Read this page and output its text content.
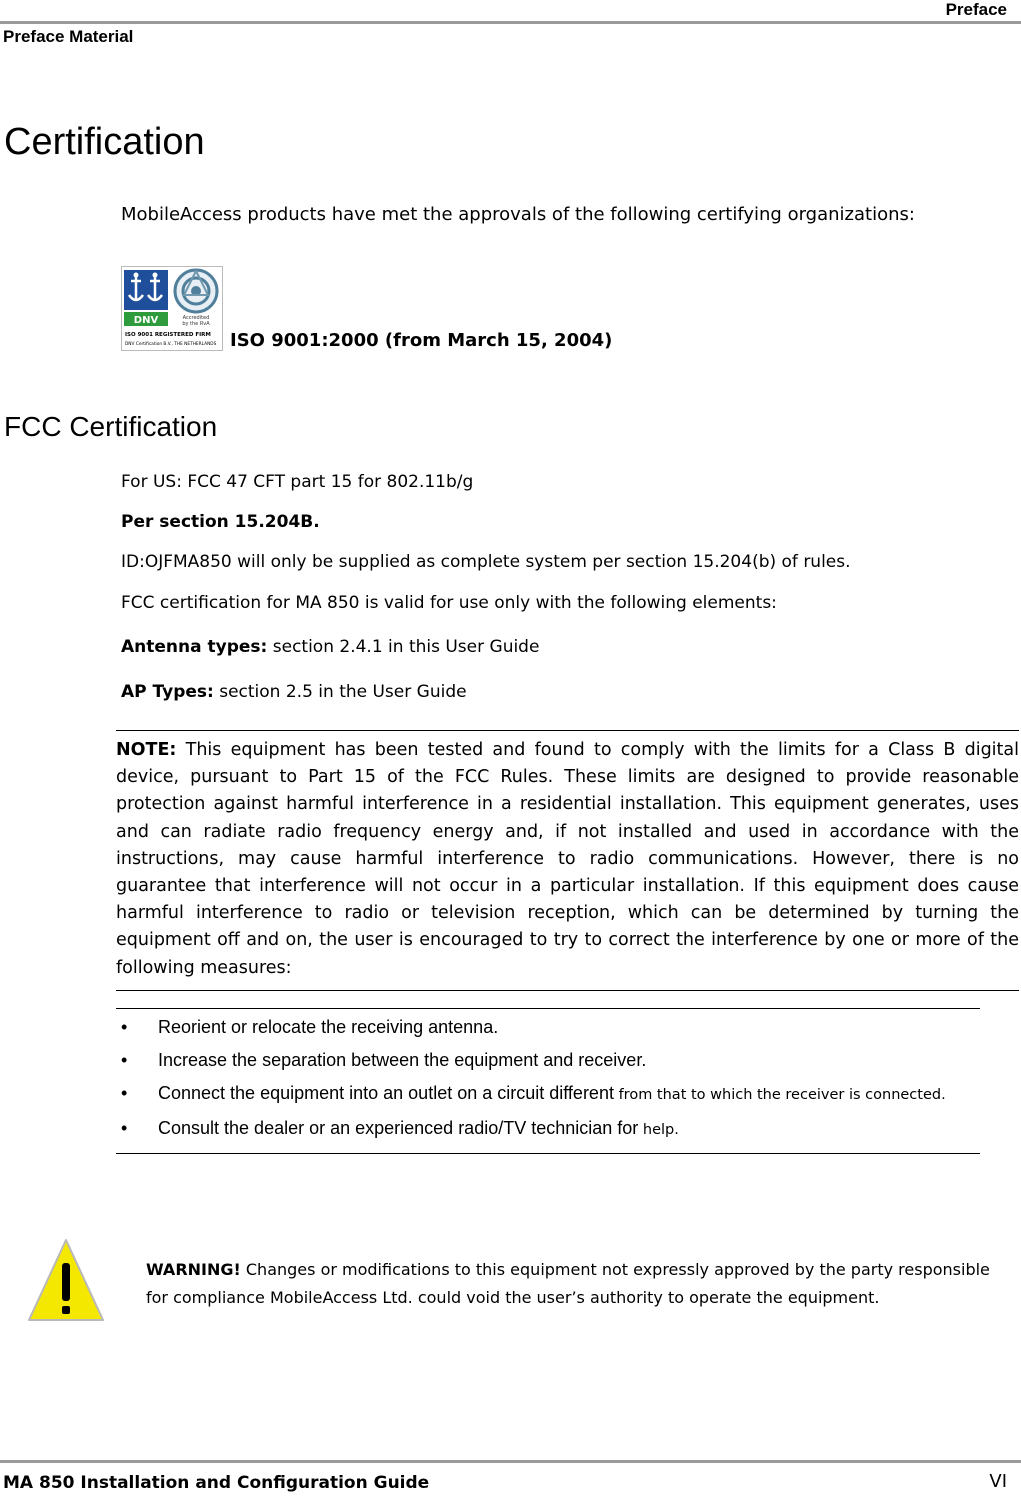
Preface
Preface Material
Certification
MobileAccess products have met the approvals of the following certifying organizations:
DNV	Accredited
by the RvA
ISO 9001 REGISTERED FIRM
DNV Certification B.V., THE NETHERLANDS ISO 9001:2000 (from March 15, 2004)
FCC Certification
For US: FCC 47 CFT part 15 for 802.11b/g
Per section 15.204B.
ID:OJFMA850 will only be supplied as complete system per section 15.204(b) of rules.
FCC certification for MA 850 is valid for use only with the following elements:
Antenna types: section 2.4.1 in this User Guide
AP Types: section 2.5 in the User Guide
NOTE: This equipment has been tested and found to comply with the limits for a Class B digital device, pursuant to Part 15 of the FCC Rules. These limits are designed to provide reasonable protection against harmful interference in a residential installation. This equipment generates, uses and can radiate radio frequency energy and, if not installed and used in accordance with the instructions, may cause harmful interference to radio communications. However, there is no guarantee that interference will not occur in a particular installation. If this equipment does cause harmful interference to radio or television reception, which can be determined by turning the equipment off and on, the user is encouraged to try to correct the interference by one or more of the following measures:
• Reorient or relocate the receiving antenna.
• Increase the separation between the equipment and receiver.
• Connect the equipment into an outlet on a circuit different from that to which the receiver is connected.
• Consult the dealer or an experienced radio/TV technician for help.
WARNING! Changes or modifications to this equipment not expressly approved by the party responsible for compliance MobileAccess Ltd. could void the user’s authority to operate the equipment.
MA 850 Installation and Configuration Guide	VI
